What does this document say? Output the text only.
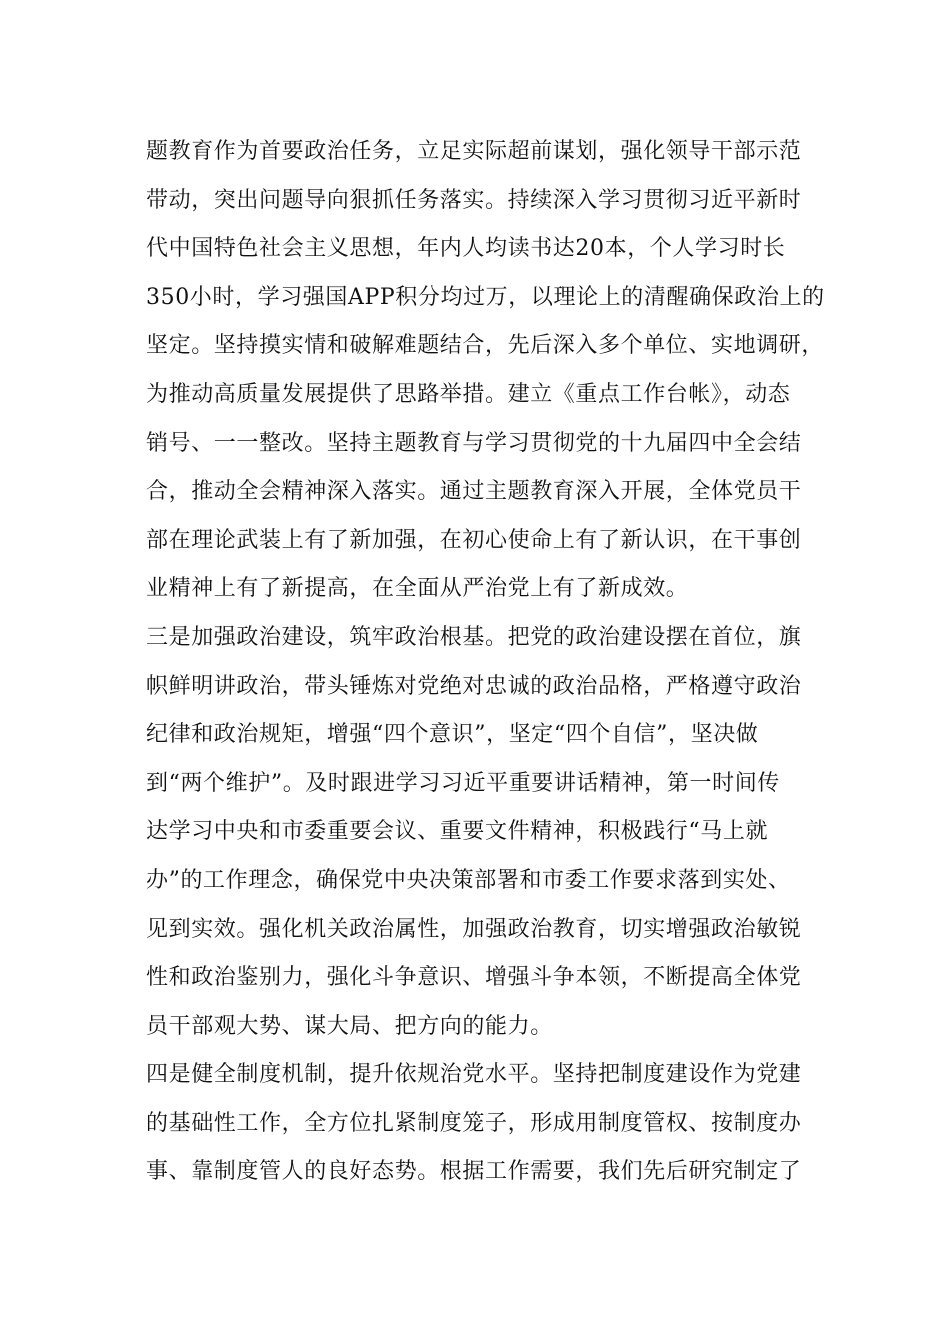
题教育作为首要政治任务，立足实际超前谋划，强化领导干部示范
带动，突出问题导向狠抓任务落实。持续深入学习贯彻习近平新时
代中国特色社会主义思想，年内人均读书达20本，个人学习时长
350小时，学习强国APP积分均过万，以理论上的清醒确保政治上的
坚定。坚持摸实情和破解难题结合，先后深入多个单位、实地调研，
为推动高质量发展提供了思路举措。建立《重点工作台帐》，动态
销号、一一整改。坚持主题教育与学习贯彻党的十九届四中全会结
合，推动全会精神深入落实。通过主题教育深入开展，全体党员干
部在理论武装上有了新加强，在初心使命上有了新认识，在干事创
业精神上有了新提高，在全面从严治党上有了新成效。
三是加强政治建设，筑牢政治根基。把党的政治建设摆在首位，旗
帜鲜明讲政治，带头锤炼对党绝对忠诚的政治品格，严格遵守政治
纪律和政治规矩，增强“四个意识”，坚定“四个自信”，坚决做
到“两个维护”。及时跟进学习习近平重要讲话精神，第一时间传
达学习中央和市委重要会议、重要文件精神，积极践行“马上就
办”的工作理念，确保党中央决策部署和市委工作要求落到实处、
见到实效。强化机关政治属性，加强政治教育，切实增强政治敏锐
性和政治鉴别力，强化斗争意识、增强斗争本领，不断提高全体党
员干部观大势、谋大局、把方向的能力。
四是健全制度机制，提升依规治党水平。坚持把制度建设作为党建
的基础性工作，全方位扎紧制度笼子，形成用制度管权、按制度办
事、靠制度管人的良好态势。根据工作需要，我们先后研究制定了
